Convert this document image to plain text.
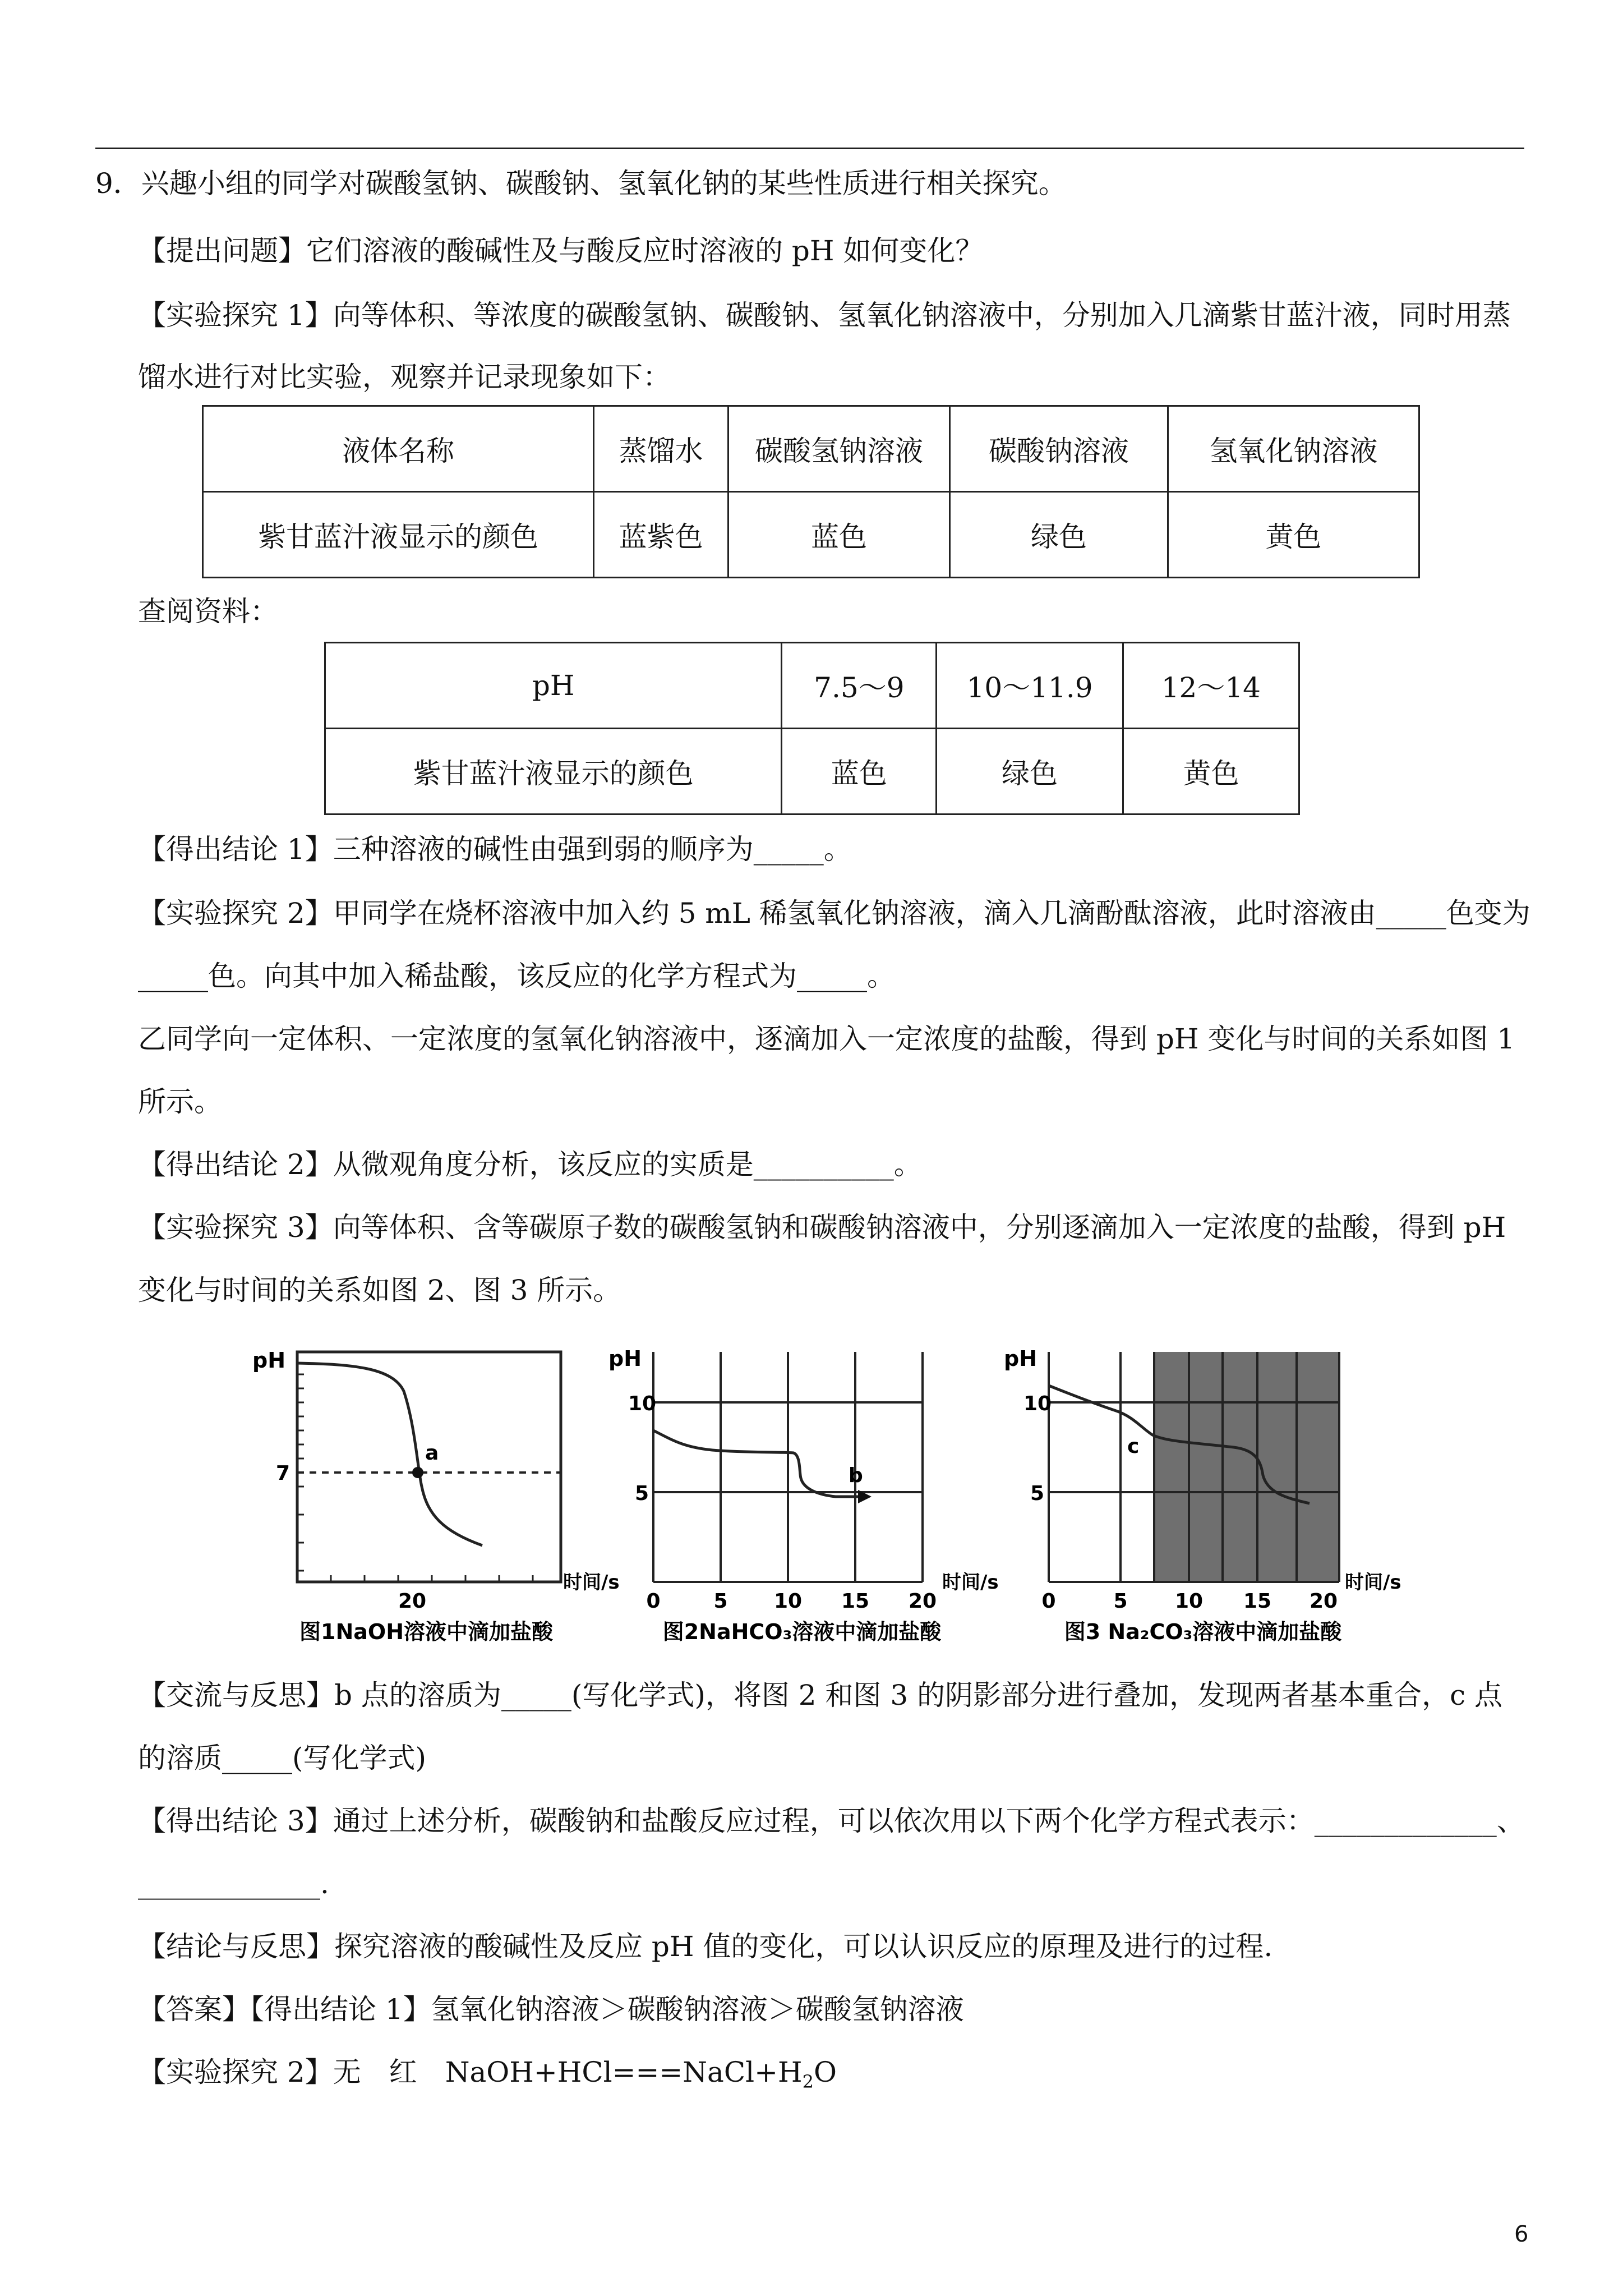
9．兴趣小组的同学对碳酸氢钠、碳酸钠、氢氧化钠的某些性质进行相关探究。
【提出问题】它们溶液的酸碱性及与酸反应时溶液的 pH 如何变化？
【实验探究 1】向等体积、等浓度的碳酸氢钠、碳酸钠、氢氧化钠溶液中，分别加入几滴紫甘蓝汁液，同时用蒸
馏水进行对比实验，观察并记录现象如下：
液体名称	蒸馏水	碳酸氢钠溶液	碳酸钠溶液	氢氧化钠溶液
紫甘蓝汁液显示的颜色	蓝紫色	蓝色	绿色	黄色
查阅资料：
pH	7.5～9	10～11.9	12～14
紫甘蓝汁液显示的颜色	蓝色	绿色	黄色
【得出结论 1】三种溶液的碱性由强到弱的顺序为_____。
【实验探究 2】甲同学在烧杯溶液中加入约 5 mL 稀氢氧化钠溶液，滴入几滴酚酞溶液，此时溶液由_____色变为
_____色。向其中加入稀盐酸，该反应的化学方程式为_____。
乙同学向一定体积、一定浓度的氢氧化钠溶液中，逐滴加入一定浓度的盐酸，得到 pH 变化与时间的关系如图 1
所示。
【得出结论 2】从微观角度分析，该反应的实质是__________。
【实验探究 3】向等体积、含等碳原子数的碳酸氢钠和碳酸钠溶液中，分别逐滴加入一定浓度的盐酸，得到 pH
变化与时间的关系如图 2、图 3 所示。
pH
a
7
20
时间/s
图1NaOH溶液中滴加盐酸
pH
b
10
5
0	5 10 15 20
时间/s
图2NaHCO₃溶液中滴加盐酸
pH
c
10
5
0	5 10 15 20
时间/s
图3 Na₂CO₃溶液中滴加盐酸
【交流与反思】b 点的溶质为_____(写化学式)，将图 2 和图 3 的阴影部分进行叠加，发现两者基本重合，c 点
的溶质_____(写化学式)
【得出结论 3】通过上述分析，碳酸钠和盐酸反应过程，可以依次用以下两个化学方程式表示：_____________、
_____________.
【结论与反思】探究溶液的酸碱性及反应 pH 值的变化，可以认识反应的原理及进行的过程.
【答案】【得出结论 1】氢氧化钠溶液＞碳酸钠溶液＞碳酸氢钠溶液
【实验探究 2】无　红　$NaOH+HCl===NaCl+H_2O$
6
